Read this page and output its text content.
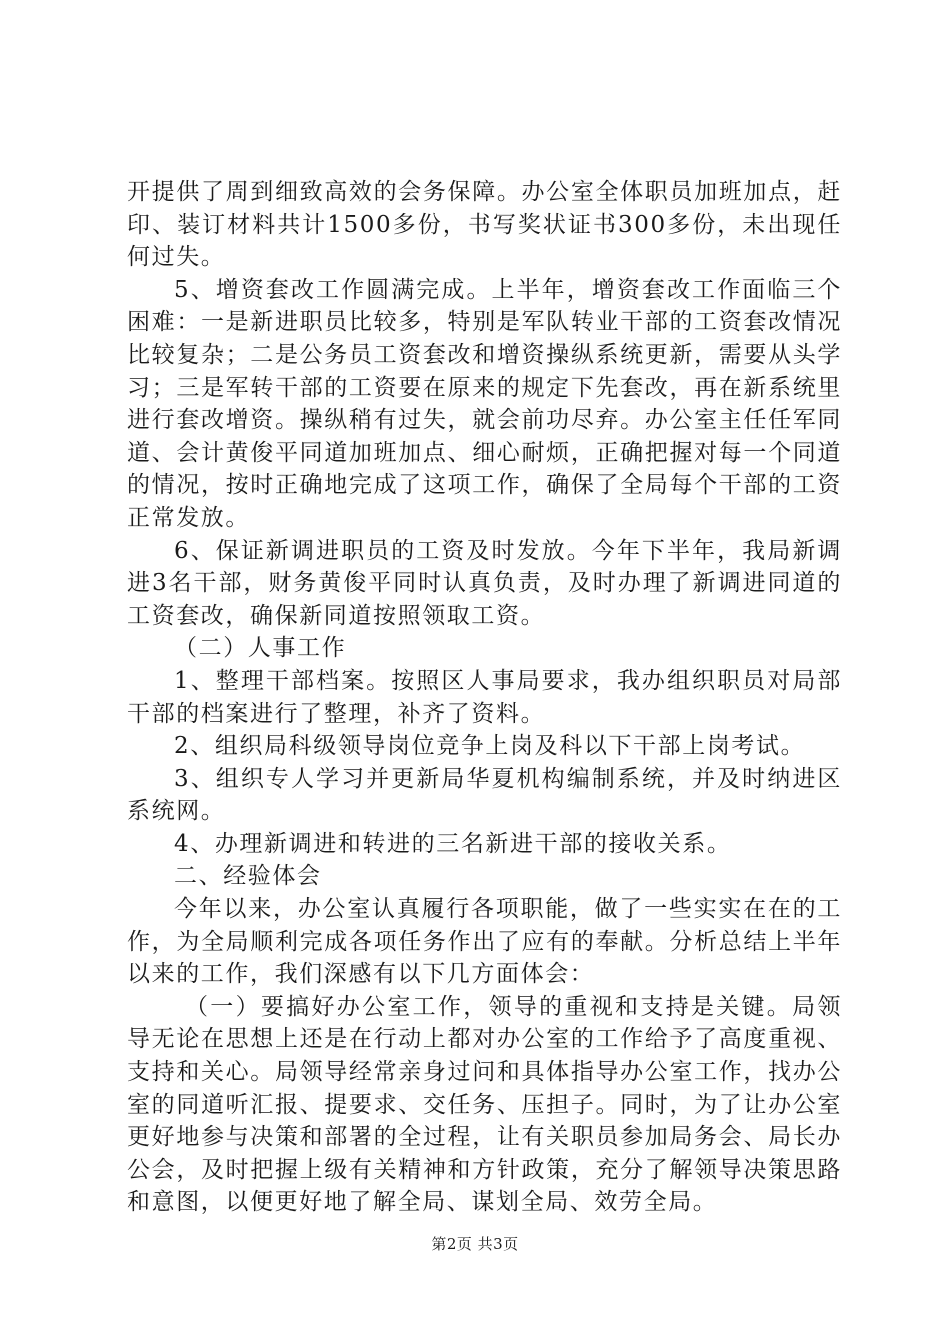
开提供了周到细致高效的会务保障。办公室全体职员加班加点，赶印、装订材料共计1500多份，书写奖状证书300多份，未出现任何过失。

5、增资套改工作圆满完成。上半年，增资套改工作面临三个困难：一是新进职员比较多，特别是军队转业干部的工资套改情况比较复杂；二是公务员工资套改和增资操纵系统更新，需要从头学习；三是军转干部的工资要在原来的规定下先套改，再在新系统里进行套改增资。操纵稍有过失，就会前功尽弃。办公室主任任军同道、会计黄俊平同道加班加点、细心耐烦，正确把握对每一个同道的情况，按时正确地完成了这项工作，确保了全局每个干部的工资正常发放。

6、保证新调进职员的工资及时发放。今年下半年，我局新调进3名干部，财务黄俊平同时认真负责，及时办理了新调进同道的工资套改，确保新同道按照领取工资。

（二）人事工作

1、整理干部档案。按照区人事局要求，我办组织职员对局部干部的档案进行了整理，补齐了资料。

2、组织局科级领导岗位竞争上岗及科以下干部上岗考试。

3、组织专人学习并更新局华夏机构编制系统，并及时纳进区系统网。

4、办理新调进和转进的三名新进干部的接收关系。

二、经验体会

今年以来，办公室认真履行各项职能，做了一些实实在在的工作，为全局顺利完成各项任务作出了应有的奉献。分析总结上半年以来的工作，我们深感有以下几方面体会：

（一）要搞好办公室工作，领导的重视和支持是关键。局领导无论在思想上还是在行动上都对办公室的工作给予了高度重视、支持和关心。局领导经常亲身过问和具体指导办公室工作，找办公室的同道听汇报、提要求、交任务、压担子。同时，为了让办公室更好地参与决策和部署的全过程，让有关职员参加局务会、局长办公会，及时把握上级有关精神和方针政策，充分了解领导决策思路和意图，以便更好地了解全局、谋划全局、效劳全局。

第2页 共3页
